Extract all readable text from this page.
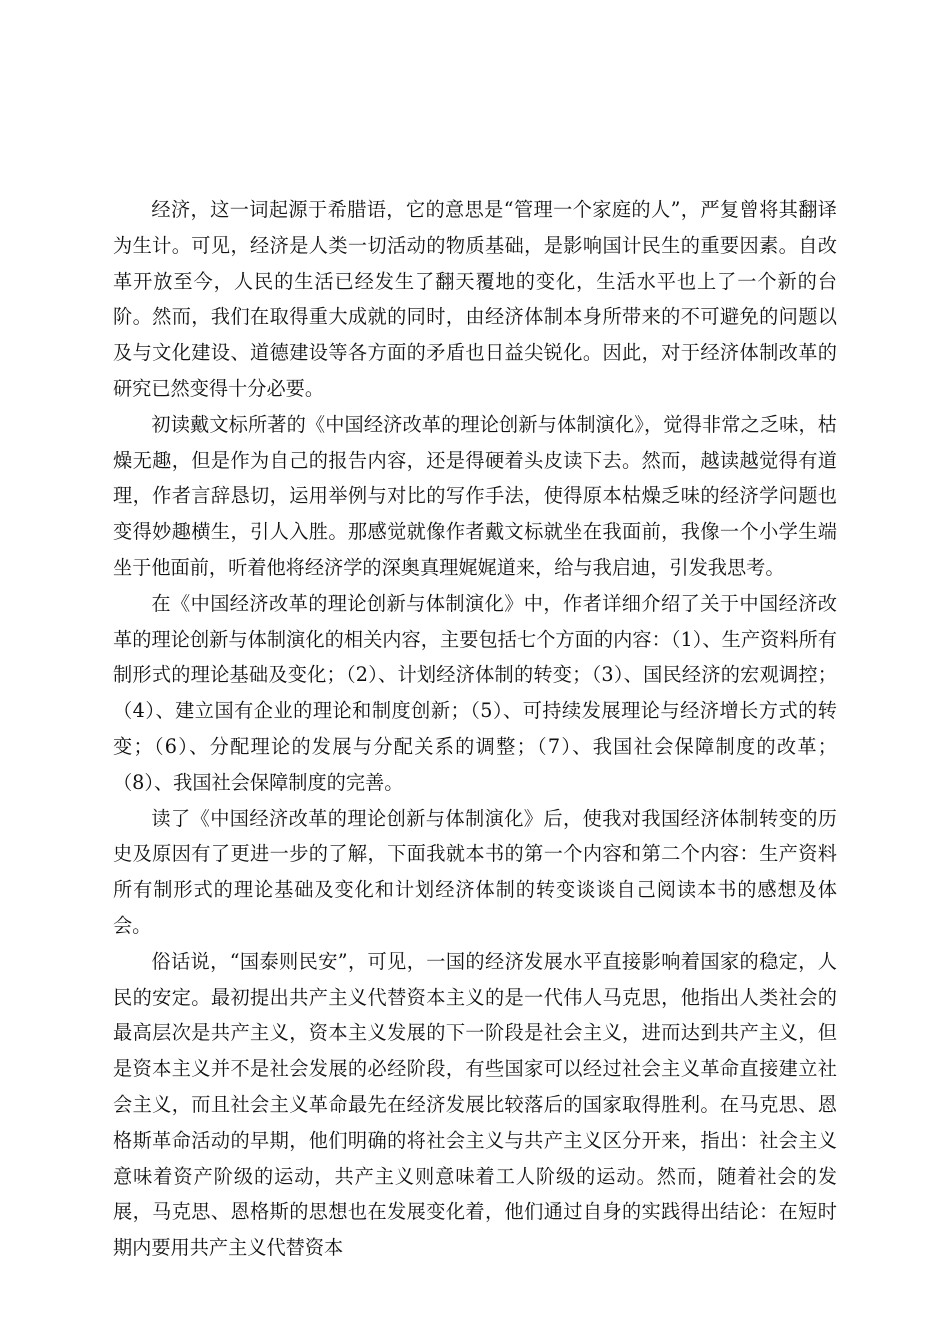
经济，这一词起源于希腊语，它的意思是“管理一个家庭的人”，严复曾将其翻译为生计。可见，经济是人类一切活动的物质基础，是影响国计民生的重要因素。自改革开放至今，人民的生活已经发生了翻天覆地的变化，生活水平也上了一个新的台阶。然而，我们在取得重大成就的同时，由经济体制本身所带来的不可避免的问题以及与文化建设、道德建设等各方面的矛盾也日益尖锐化。因此，对于经济体制改革的研究已然变得十分必要。

初读戴文标所著的《中国经济改革的理论创新与体制演化》，觉得非常之乏味，枯燥无趣，但是作为自己的报告内容，还是得硬着头皮读下去。然而，越读越觉得有道理，作者言辞恳切，运用举例与对比的写作手法，使得原本枯燥乏味的经济学问题也变得妙趣横生，引人入胜。那感觉就像作者戴文标就坐在我面前，我像一个小学生端坐于他面前，听着他将经济学的深奥真理娓娓道来，给与我启迪，引发我思考。

在《中国经济改革的理论创新与体制演化》中，作者详细介绍了关于中国经济改革的理论创新与体制演化的相关内容，主要包括七个方面的内容：（1）、生产资料所有制形式的理论基础及变化；（2）、计划经济体制的转变；（3）、国民经济的宏观调控；（4）、建立国有企业的理论和制度创新；（5）、可持续发展理论与经济增长方式的转变；（6）、分配理论的发展与分配关系的调整；（7）、我国社会保障制度的改革；（8）、我国社会保障制度的完善。

读了《中国经济改革的理论创新与体制演化》后，使我对我国经济体制转变的历史及原因有了更进一步的了解，下面我就本书的第一个内容和第二个内容：生产资料所有制形式的理论基础及变化和计划经济体制的转变谈谈自己阅读本书的感想及体会。

俗话说，“国泰则民安”，可见，一国的经济发展水平直接影响着国家的稳定，人民的安定。最初提出共产主义代替资本主义的是一代伟人马克思，他指出人类社会的最高层次是共产主义，资本主义发展的下一阶段是社会主义，进而达到共产主义，但是资本主义并不是社会发展的必经阶段，有些国家可以经过社会主义革命直接建立社会主义，而且社会主义革命最先在经济发展比较落后的国家取得胜利。在马克思、恩格斯革命活动的早期，他们明确的将社会主义与共产主义区分开来，指出：社会主义意味着资产阶级的运动，共产主义则意味着工人阶级的运动。然而，随着社会的发展，马克思、恩格斯的思想也在发展变化着，他们通过自身的实践得出结论：在短时期内要用共产主义代替资本
